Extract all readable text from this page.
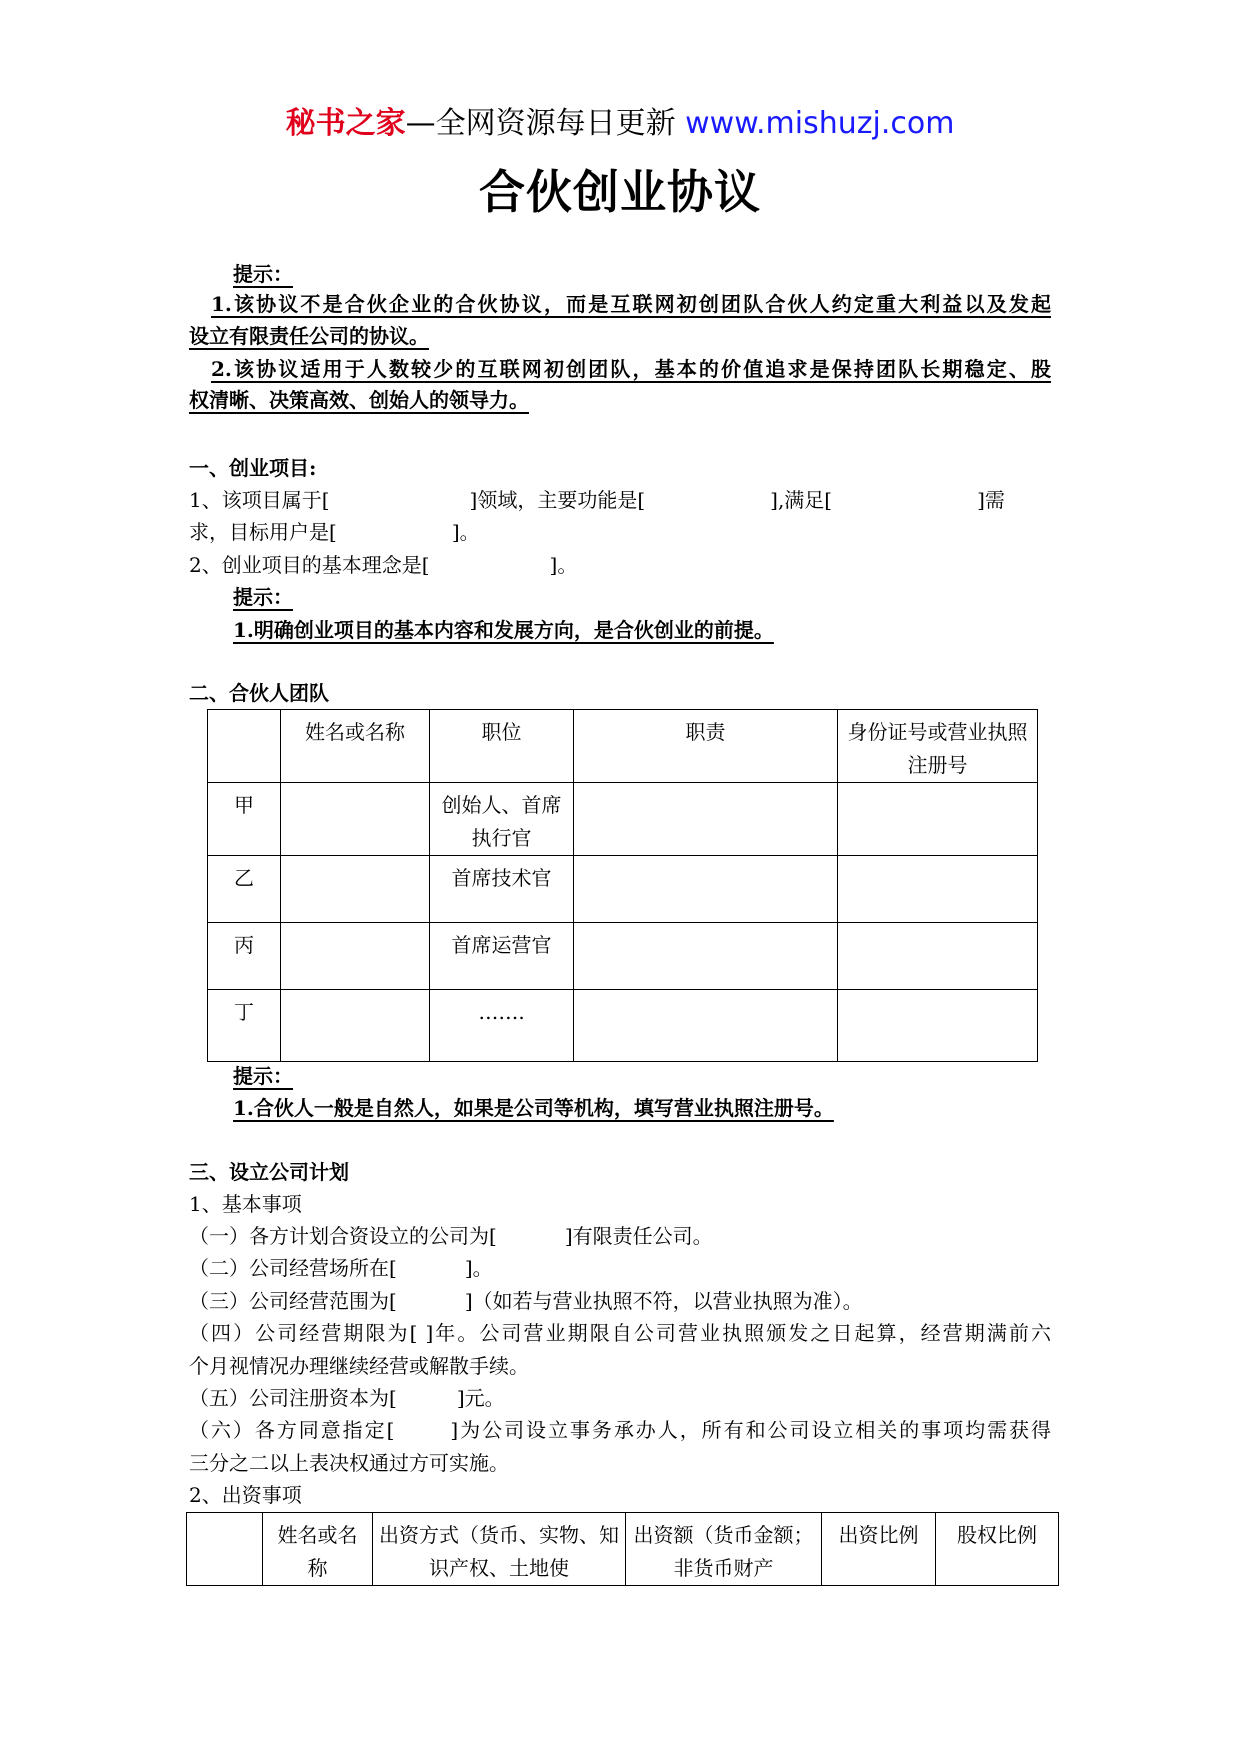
秘书之家—全网资源每日更新 www.mishuzj.com
合伙创业协议
提示：
1.该协议不是合伙企业的合伙协议，而是互联网初创团队合伙人约定重大利益以及发起
设立有限责任公司的协议。
2.该协议适用于人数较少的互联网初创团队，基本的价值追求是保持团队长期稳定、股
权清晰、决策高效、创始人的领导力。
一、创业项目:
1、该项目属于[	]领域，主要功能是[	],满足[	]需
求，目标用户是[	]。
2、创业项目的基本理念是[	]。
提示：
1.明确创业项目的基本内容和发展方向，是合伙创业的前提。
二、合伙人团队
	姓名或名称	职位	职责	身份证号或营业执照注册号
甲		创始人、首席执行官		
乙		首席技术官		
丙		首席运营官		
丁		…….		
提示：
1.合伙人一般是自然人，如果是公司等机构，填写营业执照注册号。
三、设立公司计划
1、基本事项
（一）各方计划合资设立的公司为[	]有限责任公司。
（二）公司经营场所在[	]。
（三）公司经营范围为[	]（如若与营业执照不符，以营业执照为准）。
（四）公司经营期限为[ ]年。公司营业期限自公司营业执照颁发之日起算，经营期满前六
个月视情况办理继续经营或解散手续。
（五）公司注册资本为[	]元。
（六）各方同意指定[	]为公司设立事务承办人，所有和公司设立相关的事项均需获得
三分之二以上表决权通过方可实施。
2、出资事项
	姓名或名称	出资方式（货币、实物、知识产权、土地使	出资额（货币金额；非货币财产	出资比例	股权比例
